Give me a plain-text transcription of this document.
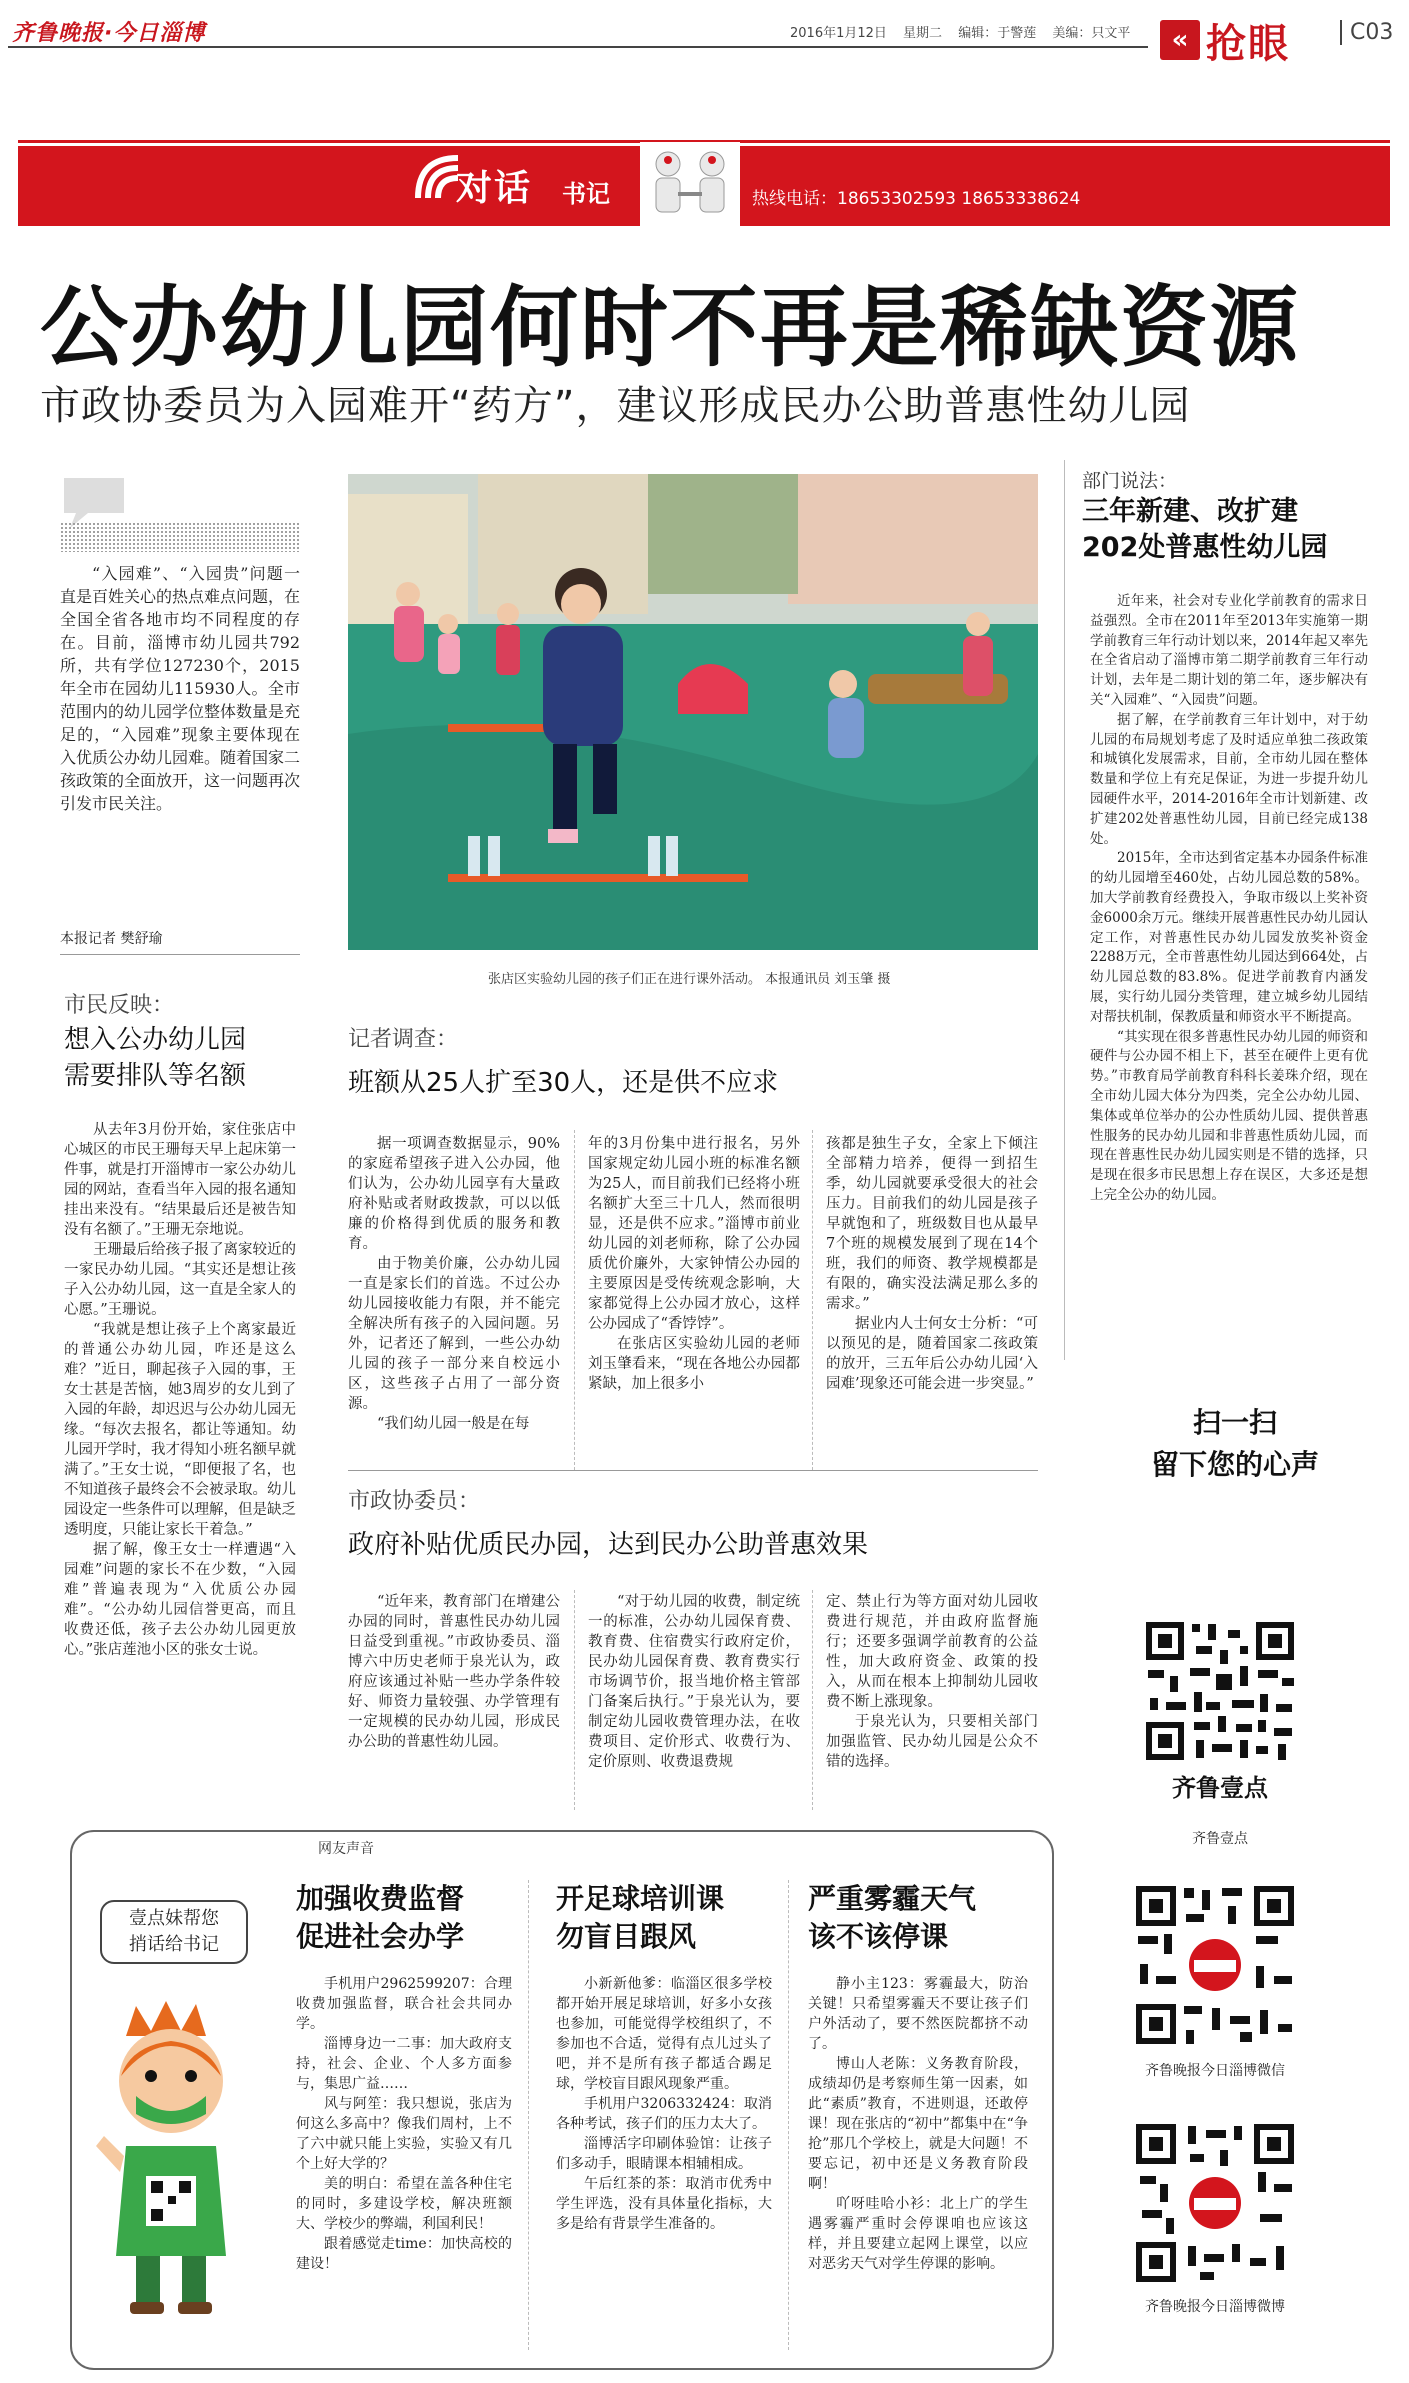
齐鲁晚报·今日淄博	2016年1月12日 星期二 编辑：于警莲 美编：只文平	« 抢眼	C03
对话 书记	热线电话：18653302593 18653338624
公办幼儿园何时不再是稀缺资源
市政协委员为入园难开“药方”，建议形成民办公助普惠性幼儿园

“入园难”、“入园贵”问题一直是百姓关心的热点难点问题，在全国全省各地市均不同程度的存在。目前，淄博市幼儿园共792所，共有学位127230个，2015年全市在园幼儿115930人。全市范围内的幼儿园学位整体数量是充足的，“入园难”现象主要体现在入优质公办幼儿园难。随着国家二孩政策的全面放开，这一问题再次引发市民关注。

本报记者 樊舒瑜
张店区实验幼儿园的孩子们正在进行课外活动。 本报通讯员 刘玉肇 摄
市民反映：
想入公办幼儿园
需要排队等名额

从去年3月份开始，家住张店中心城区的市民王珊每天早上起床第一件事，就是打开淄博市一家公办幼儿园的网站，查看当年入园的报名通知挂出来没有。“结果最后还是被告知没有名额了。”王珊无奈地说。

王珊最后给孩子报了离家较近的一家民办幼儿园。“其实还是想让孩子入公办幼儿园，这一直是全家人的心愿。”王珊说。

“我就是想让孩子上个离家最近的普通公办幼儿园，咋还是这么难？”近日，聊起孩子入园的事，王女士甚是苦恼，她3周岁的女儿到了入园的年龄，却迟迟与公办幼儿园无缘。“每次去报名，都让等通知。幼儿园开学时，我才得知小班名额早就满了。”王女士说，“即便报了名，也不知道孩子最终会不会被录取。幼儿园设定一些条件可以理解，但是缺乏透明度，只能让家长干着急。”

据了解，像王女士一样遭遇“入园难”问题的家长不在少数，“入园难”普遍表现为“入优质公办园难”。“公办幼儿园信誉更高，而且收费还低，孩子去公办幼儿园更放心。”张店莲池小区的张女士说。

记者调查：
班额从25人扩至30人，还是供不应求

据一项调查数据显示，90%的家庭希望孩子进入公办园，他们认为，公办幼儿园享有大量政府补贴或者财政拨款，可以以低廉的价格得到优质的服务和教育。

由于物美价廉，公办幼儿园一直是家长们的首选。不过公办幼儿园接收能力有限，并不能完全解决所有孩子的入园问题。另外，记者还了解到，一些公办幼儿园的孩子一部分来自校远小区，这些孩子占用了一部分资源。

“我们幼儿园一般是在每

年的3月份集中进行报名，另外国家规定幼儿园小班的标准名额为25人，而目前我们已经将小班名额扩大至三十几人，然而很明显，还是供不应求。”淄博市前业幼儿园的刘老师称，除了公办园质优价廉外，大家钟情公办园的主要原因是受传统观念影响，大家都觉得上公办园才放心，这样公办园成了“香饽饽”。

在张店区实验幼儿园的老师刘玉肇看来，“现在各地公办园都紧缺，加上很多小

孩都是独生子女，全家上下倾注全部精力培养，便得一到招生季，幼儿园就要承受很大的社会压力。目前我们的幼儿园是孩子早就饱和了，班级数目也从最早7个班的规模发展到了现在14个班，我们的师资、教学规模都是有限的，确实没法满足那么多的需求。”

据业内人士何女士分析：“可以预见的是，随着国家二孩政策的放开，三五年后公办幼儿园‘入园难’现象还可能会进一步突显。”

市政协委员：
政府补贴优质民办园，达到民办公助普惠效果

“近年来，教育部门在增建公办园的同时，普惠性民办幼儿园日益受到重视。”市政协委员、淄博六中历史老师于泉光认为，政府应该通过补贴一些办学条件较好、师资力量较强、办学管理有一定规模的民办幼儿园，形成民办公助的普惠性幼儿园。

“对于幼儿园的收费，制定统一的标准，公办幼儿园保育费、教育费、住宿费实行政府定价，民办幼儿园保育费、教育费实行市场调节价，报当地价格主管部门备案后执行。”于泉光认为，要制定幼儿园收费管理办法，在收费项目、定价形式、收费行为、定价原则、收费退费规

定、禁止行为等方面对幼儿园收费进行规范，并由政府监督施行；还要多强调学前教育的公益性，加大政府资金、政策的投入，从而在根本上抑制幼儿园收费不断上涨现象。

于泉光认为，只要相关部门加强监管、民办幼儿园是公众不错的选择。

部门说法：
三年新建、改扩建
202处普惠性幼儿园

近年来，社会对专业化学前教育的需求日益强烈。全市在2011年至2013年实施第一期学前教育三年行动计划以来，2014年起又率先在全省启动了淄博市第二期学前教育三年行动计划，去年是二期计划的第二年，逐步解决有关“入园难”、“入园贵”问题。

据了解，在学前教育三年计划中，对于幼儿园的布局规划考虑了及时适应单独二孩政策和城镇化发展需求，目前，全市幼儿园在整体数量和学位上有充足保证，为进一步提升幼儿园硬件水平，2014-2016年全市计划新建、改扩建202处普惠性幼儿园，目前已经完成138处。

2015年，全市达到省定基本办园条件标准的幼儿园增至460处，占幼儿园总数的58%。加大学前教育经费投入，争取市级以上奖补资金6000余万元。继续开展普惠性民办幼儿园认定工作，对普惠性民办幼儿园发放奖补资金2288万元，全市普惠性幼儿园达到664处，占幼儿园总数的83.8%。促进学前教育内涵发展，实行幼儿园分类管理，建立城乡幼儿园结对帮扶机制，保教质量和师资水平不断提高。

“其实现在很多普惠性民办幼儿园的师资和硬件与公办园不相上下，甚至在硬件上更有优势。”市教育局学前教育科科长姜珠介绍，现在全市幼儿园大体分为四类，完全公办幼儿园、集体或单位举办的公办性质幼儿园、提供普惠性服务的民办幼儿园和非普惠性质幼儿园，而现在普惠性民办幼儿园实则是不错的选择，只是现在很多市民思想上存在误区，大多还是想上完全公办的幼儿园。

扫一扫
留下您的心声
齐鲁壹点
齐鲁壹点
齐鲁晚报今日淄博微信
齐鲁晚报今日淄博微博
网友声音
壹点妹帮您
捎话给书记
加强收费监督
促进社会办学

手机用户2962599207：合理收费加强监督，联合社会共同办学。

淄博身边一二事：加大政府支持，社会、企业、个人多方面参与，集思广益……

风与阿笙：我只想说，张店为何这么多高中？像我们周村，上不了六中就只能上实验，实验又有几个上好大学的？

美的明白：希望在盖各种住宅的同时，多建设学校，解决班额大、学校少的弊端，利国利民！

跟着感觉走time：加快高校的建设！

开足球培训课
勿盲目跟风

小新新他爹：临淄区很多学校都开始开展足球培训，好多小女孩也参加，可能觉得学校组织了，不参加也不合适，觉得有点儿过头了吧，并不是所有孩子都适合踢足球，学校盲目跟风现象严重。

手机用户3206332424：取消各种考试，孩子们的压力太大了。

淄博活字印刷体验馆：让孩子们多动手，眼睛课本相辅相成。

午后红茶的茶：取消市优秀中学生评选，没有具体量化指标，大多是给有背景学生准备的。

严重雾霾天气
该不该停课

静小主123：雾霾最大，防治关键！只希望雾霾天不要让孩子们户外活动了，要不然医院都挤不动了。

博山人老陈：义务教育阶段，成绩却仍是考察师生第一因素，如此“素质”教育，不进则退，还敢停课！现在张店的“初中”都集中在“争抢”那几个学校上，就是大问题！不要忘记，初中还是义务教育阶段啊！

吖呀哇哈小衫：北上广的学生遇雾霾严重时会停课咱也应该这样，并且要建立起网上课堂，以应对恶劣天气对学生停课的影响。
